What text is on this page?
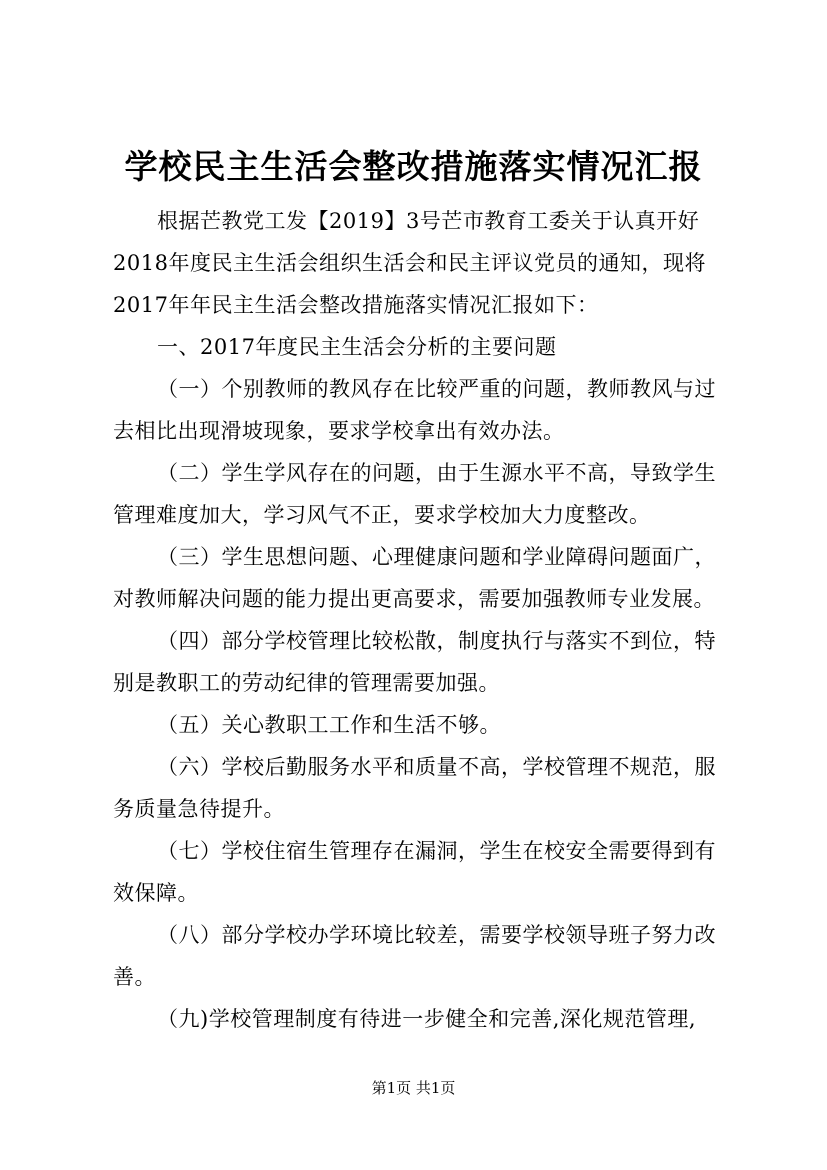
学校民主生活会整改措施落实情况汇报
根据芒教党工发【2019】3号芒市教育工委关于认真开好
2018年度民主生活会组织生活会和民主评议党员的通知，现将
2017年年民主生活会整改措施落实情况汇报如下：
一、2017年度民主生活会分析的主要问题
（一）个别教师的教风存在比较严重的问题，教师教风与过
去相比出现滑坡现象，要求学校拿出有效办法。
（二）学生学风存在的问题，由于生源水平不高，导致学生
管理难度加大，学习风气不正，要求学校加大力度整改。
（三）学生思想问题、心理健康问题和学业障碍问题面广，
对教师解决问题的能力提出更高要求，需要加强教师专业发展。
（四）部分学校管理比较松散，制度执行与落实不到位，特
别是教职工的劳动纪律的管理需要加强。
（五）关心教职工工作和生活不够。
（六）学校后勤服务水平和质量不高，学校管理不规范，服
务质量急待提升。
（七）学校住宿生管理存在漏洞，学生在校安全需要得到有
效保障。
（八）部分学校办学环境比较差，需要学校领导班子努力改
善。
（九)学校管理制度有待进一步健全和完善,深化规范管理,
第1页 共1页
